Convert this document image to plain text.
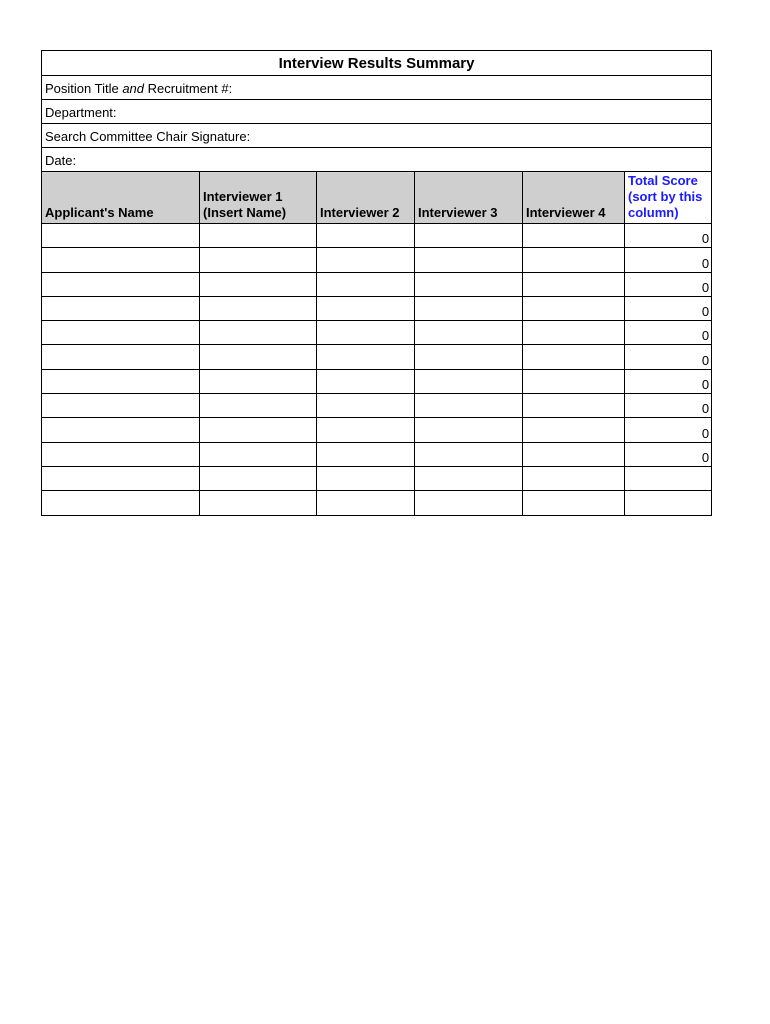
Interview Results Summary					
Position Title and Recruitment #:					
Department:					
Search Committee Chair Signature:					
Date:					
Applicant's Name	Interviewer 1 (Insert Name)	Interviewer 2	Interviewer 3	Interviewer 4	Total Score (sort by this column)
					0
					0
					0
					0
					0
					0
					0
					0
					0
					0
